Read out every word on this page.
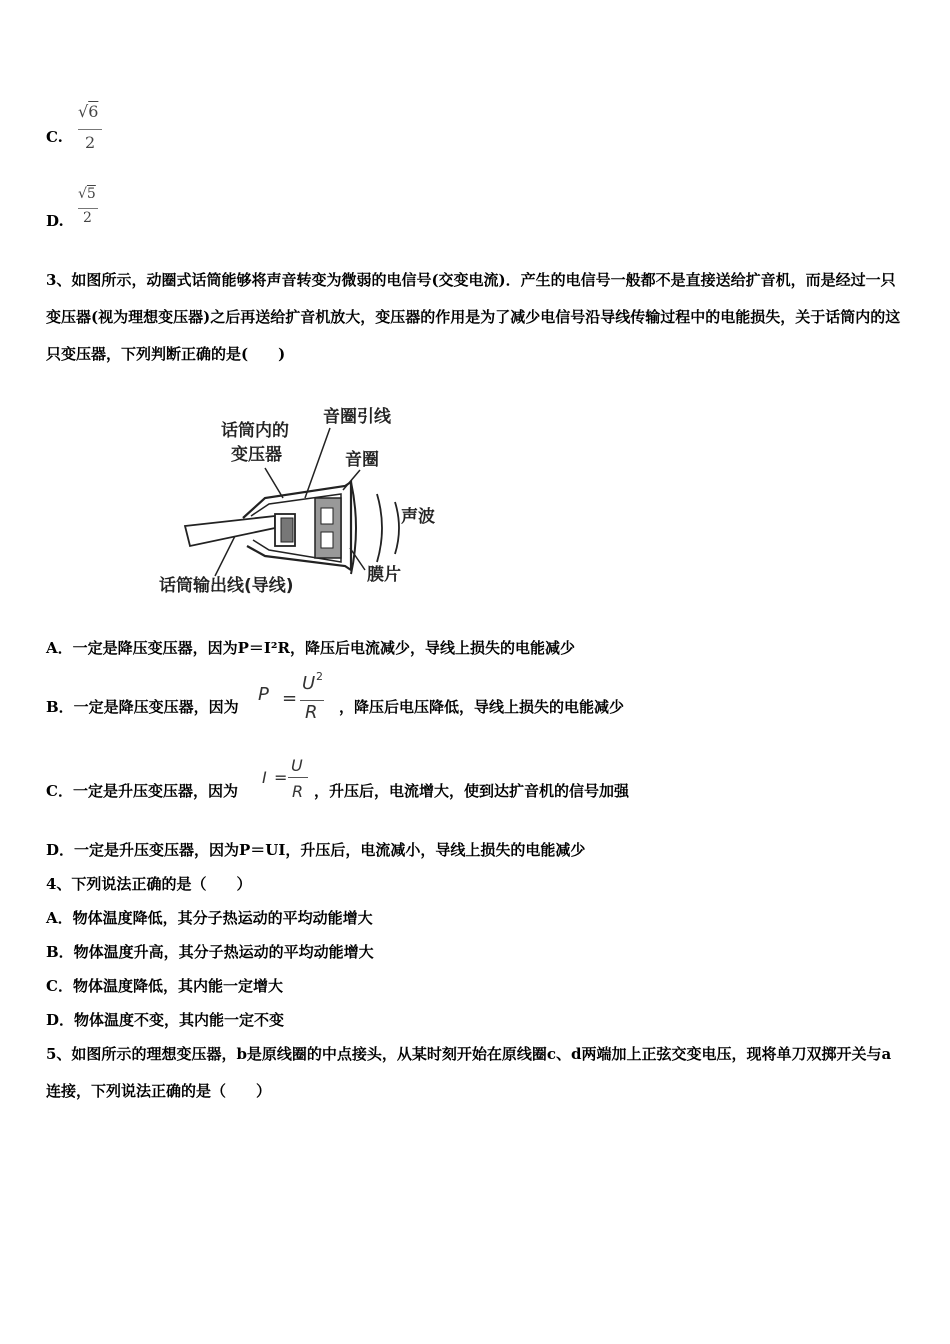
C.
√6
2
D.
√5
2
3、如图所示，动圈式话筒能够将声音转变为微弱的电信号(交变电流)．产生的电信号一般都不是直接送给扩音机，而是经过一只变压器(视为理想变压器)之后再送给扩音机放大，变压器的作用是为了减少电信号沿导线传输过程中的电能损失，关于话筒内的这只变压器，下列判断正确的是(　　)
话筒内的
变压器
音圈引线
音圈
声波
话筒输出线(导线)
膜片
A．一定是降压变压器，因为P＝I²R，降压后电流减少，导线上损失的电能减少
B．一定是降压变压器，因为
P =
U 2
R ，降压后电压降低，导线上损失的电能减少
C．一定是升压变压器，因为
I =
U
R ，升压后，电流增大，使到达扩音机的信号加强
D．一定是升压变压器，因为P＝UI，升压后，电流减小，导线上损失的电能减少
4、下列说法正确的是（　　）
A．物体温度降低，其分子热运动的平均动能增大
B．物体温度升高，其分子热运动的平均动能增大
C．物体温度降低，其内能一定增大
D．物体温度不变，其内能一定不变
5、如图所示的理想变压器，b是原线圈的中点接头，从某时刻开始在原线圈c、d两端加上正弦交变电压，现将单刀双掷开关与a连接，下列说法正确的是（　　）
